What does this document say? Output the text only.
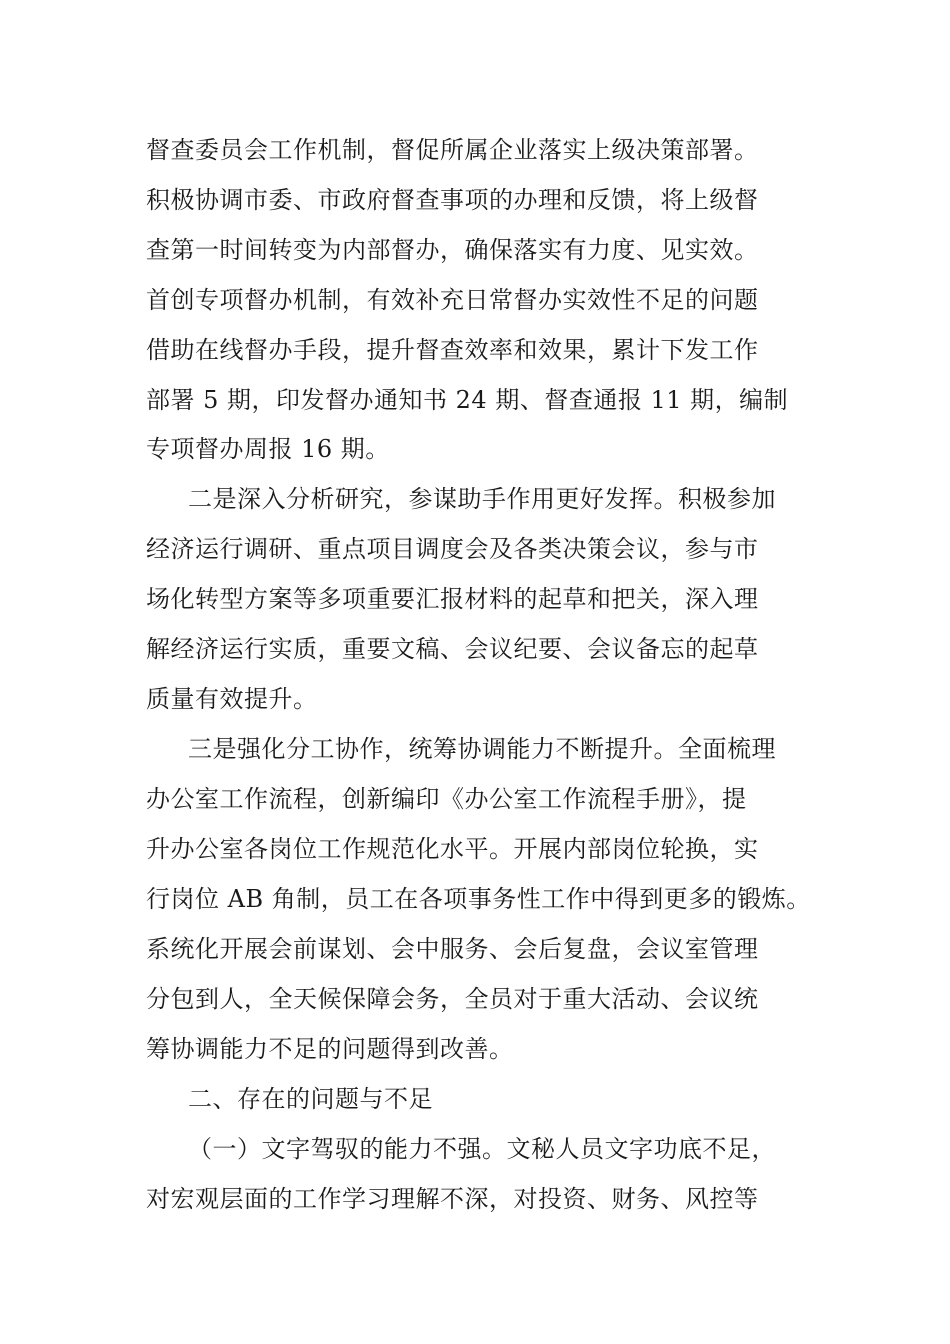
督查委员会工作机制，督促所属企业落实上级决策部署。

积极协调市委、市政府督查事项的办理和反馈，将上级督

查第一时间转变为内部督办，确保落实有力度、见实效。

首创专项督办机制，有效补充日常督办实效性不足的问题

借助在线督办手段，提升督查效率和效果，累计下发工作

部署 5 期，印发督办通知书 24 期、督查通报 11 期，编制

专项督办周报 16 期。

二是深入分析研究，参谋助手作用更好发挥。积极参加

经济运行调研、重点项目调度会及各类决策会议，参与市

场化转型方案等多项重要汇报材料的起草和把关，深入理

解经济运行实质，重要文稿、会议纪要、会议备忘的起草

质量有效提升。

三是强化分工协作，统筹协调能力不断提升。全面梳理

办公室工作流程，创新编印《办公室工作流程手册》，提

升办公室各岗位工作规范化水平。开展内部岗位轮换，实

行岗位 AB 角制，员工在各项事务性工作中得到更多的锻炼。

系统化开展会前谋划、会中服务、会后复盘，会议室管理

分包到人，全天候保障会务，全员对于重大活动、会议统

筹协调能力不足的问题得到改善。

二、存在的问题与不足

（一）文字驾驭的能力不强。文秘人员文字功底不足，

对宏观层面的工作学习理解不深，对投资、财务、风控等
